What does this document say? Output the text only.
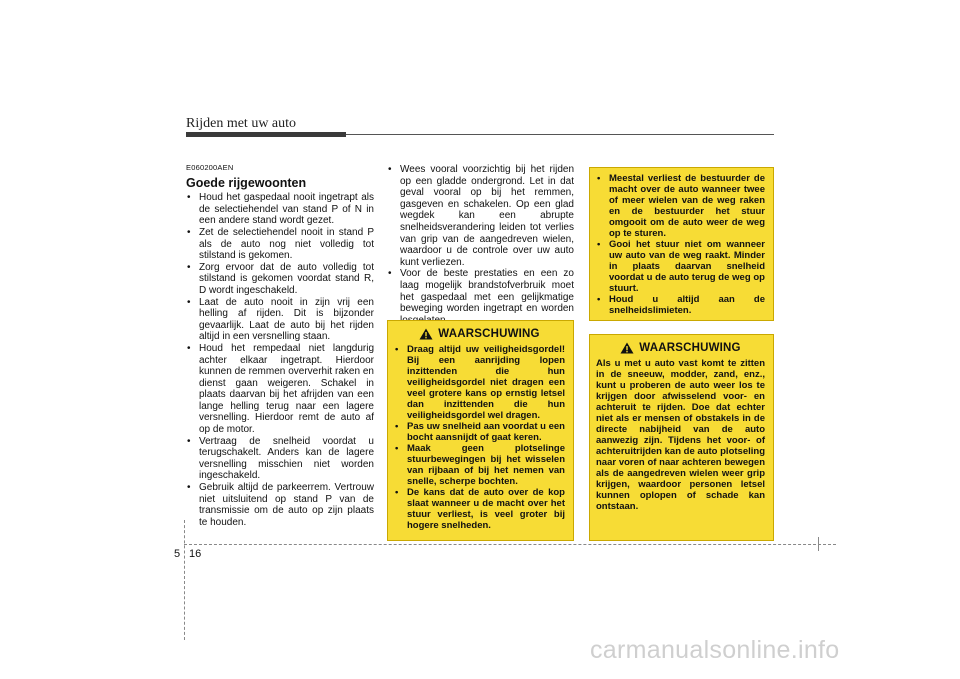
Rijden met uw auto
E060200AEN
Goede rijgewoonten
• Houd het gaspedaal nooit ingetrapt als de selectiehendel van stand P of N in een andere stand wordt gezet.
• Zet de selectiehendel nooit in stand P als de auto nog niet volledig tot stilstand is gekomen.
• Zorg ervoor dat de auto volledig tot stilstand is gekomen voordat stand R, D wordt ingeschakeld.
• Laat de auto nooit in zijn vrij een helling af rijden. Dit is bijzonder gevaarlijk. Laat de auto bij het rijden altijd in een versnelling staan.
• Houd het rempedaal niet langdurig achter elkaar ingetrapt. Hierdoor kunnen de remmen oververhit raken en dienst gaan weigeren. Schakel in plaats daarvan bij het afrijden van een lange helling terug naar een lagere versnelling. Hierdoor remt de auto af op de motor.
• Vertraag de snelheid voordat u terugschakelt. Anders kan de lagere versnelling misschien niet worden ingeschakeld.
• Gebruik altijd de parkeerrem. Vertrouw niet uitsluitend op stand P van de transmissie om de auto op zijn plaats te houden.
• Wees vooral voorzichtig bij het rijden op een gladde ondergrond. Let in dat geval vooral op bij het remmen, gasgeven en schakelen. Op een glad wegdek kan een abrupte snelheidsverandering leiden tot verlies van grip van de aangedreven wielen, waardoor u de controle over uw auto kunt verliezen.
• Voor de beste prestaties en een zo laag mogelijk brandstofverbruik moet het gaspedaal met een gelijkmatige beweging worden ingetrapt en worden
WAARSCHUWING
• Draag altijd uw veiligheidsgordel! Bij een aanrijding lopen inzittenden die hun veiligheidsgordel niet dragen een veel grotere kans op ernstig letsel dan inzittenden die hun veiligheidsgordel wel dragen.
• Pas uw snelheid aan voordat u een bocht aansnijdt of gaat keren.
• Maak geen plotselinge stuurbewegingen bij het wisselen van rijbaan of bij het nemen van snelle, scherpe bochten.
• De kans dat de auto over de kop slaat wanneer u de macht over het stuur verliest, is veel groter bij hogere snelheden.
• Meestal verliest de bestuurder de macht over de auto wanneer twee of meer wielen van de weg raken en de bestuurder het stuur omgooit om de auto weer de weg op te sturen.
• Gooi het stuur niet om wanneer uw auto van de weg raakt. Minder in plaats daarvan snelheid voordat u de auto terug de weg op stuurt.
• Houd u altijd aan de snelheidslimieten.
WAARSCHUWING

Als u met u auto vast komt te zitten in de sneeuw, modder, zand, enz., kunt u proberen de auto weer los te krijgen door afwisselend voor- en achteruit te rijden. Doe dat echter niet als er mensen of obstakels in de directe nabijheid van de auto aanwezig zijn. Tijdens het voor- of achteruitrijden kan de auto plotseling naar voren of naar achteren bewegen als de aangedreven wielen weer grip krijgen, waardoor personen letsel kunnen oplopen of schade kan ontstaan.

5 16
carmanualsonline.info
